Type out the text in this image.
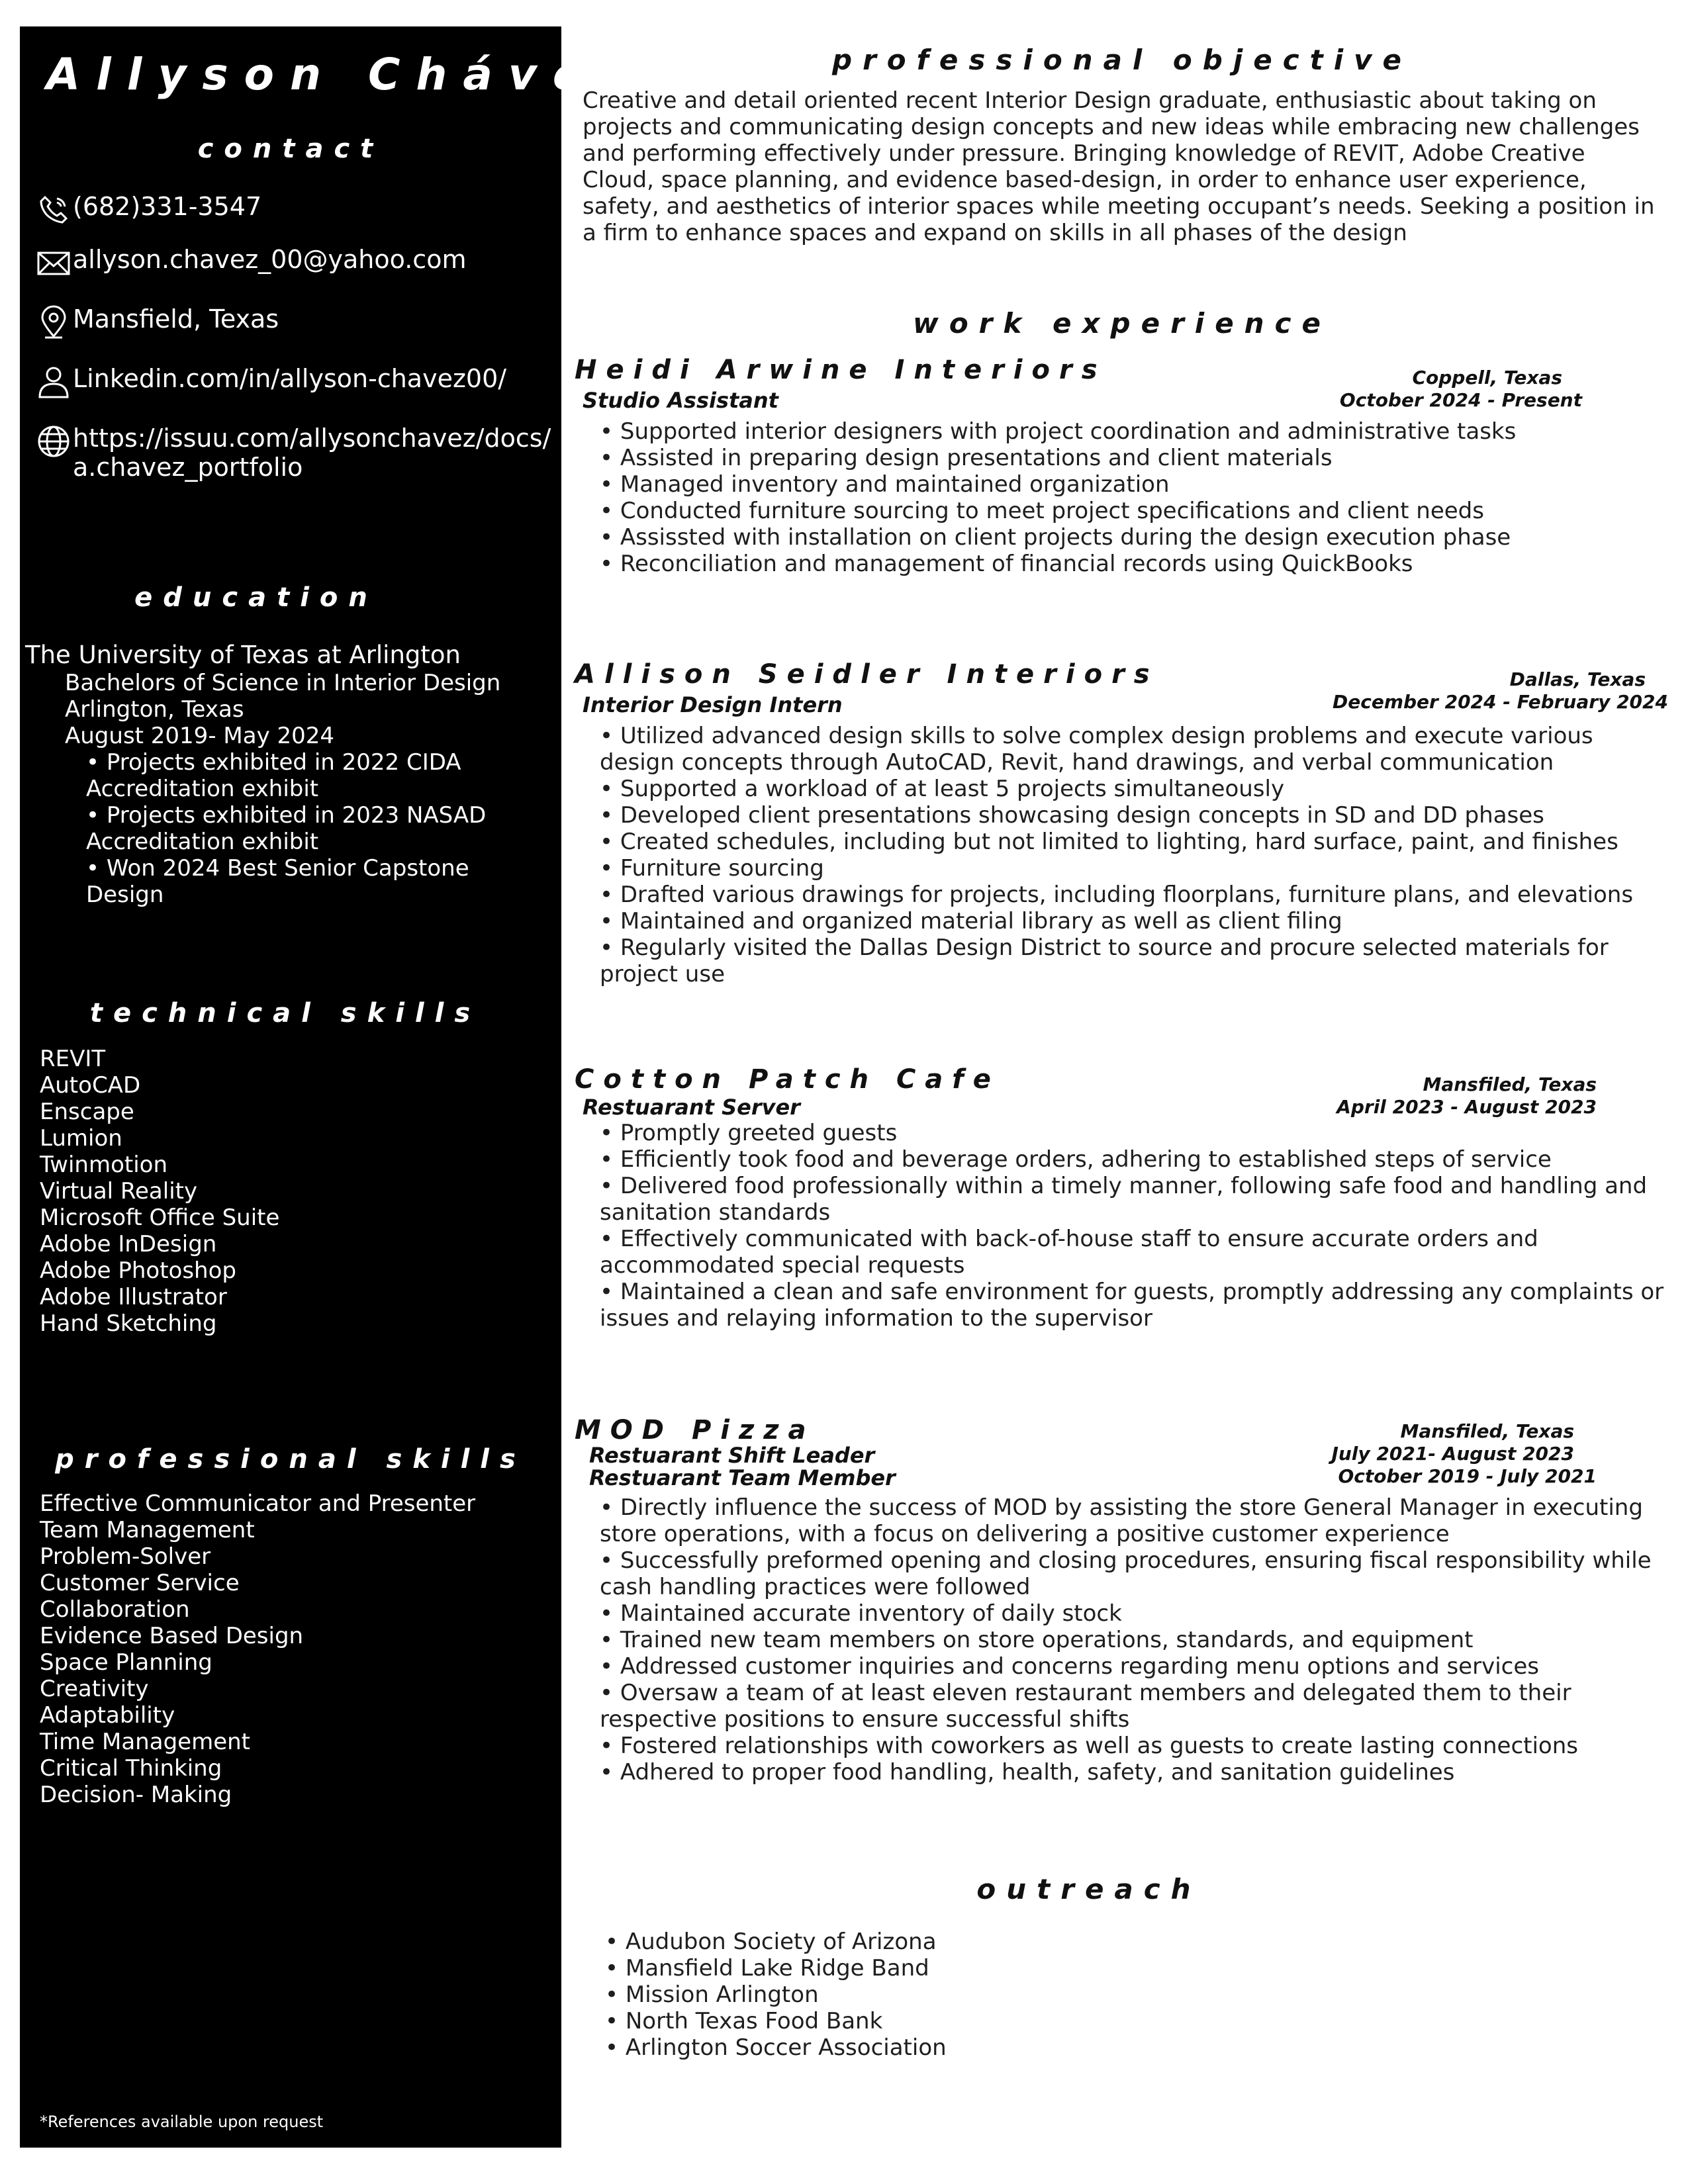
Allyson Chávez
contact
(682)331-3547
allyson.chavez_00@yahoo.com
Mansfield, Texas
Linkedin.com/in/allyson-chavez00/
https://issuu.com/allysonchavez/docs/
a.chavez_portfolio
education
The University of Texas at Arlington
Bachelors of Science in Interior Design
Arlington, Texas
August 2019- May 2024
• Projects exhibited in 2022 CIDA Accreditation exhibit
• Projects exhibited in 2023 NASAD Accreditation exhibit
• Won 2024 Best Senior Capstone Design
technical skills
REVIT
AutoCAD
Enscape
Lumion
Twinmotion
Virtual Reality
Microsoft Office Suite
Adobe InDesign
Adobe Photoshop
Adobe Illustrator
Hand Sketching
professional skills
Effective Communicator and Presenter
Team Management
Problem-Solver
Customer Service
Collaboration
Evidence Based Design
Space Planning
Creativity
Adaptability
Time Management
Critical Thinking
Decision- Making
*References available upon request
professional objective
Creative and detail oriented recent Interior Design graduate, enthusiastic about taking on projects and communicating design concepts and new ideas while embracing new challenges and performing effectively under pressure. Bringing knowledge of REVIT, Adobe Creative Cloud, space planning, and evidence based-design, in order to enhance user experience, safety, and aesthetics of interior spaces while meeting occupant’s needs. Seeking a position in a firm to enhance spaces and expand on skills in all phases of the design
work experience
Heidi Arwine Interiors
Studio Assistant
Coppell, Texas
October 2024 - Present
• Supported interior designers with project coordination and administrative tasks
• Assisted in preparing design presentations and client materials
• Managed inventory and maintained organization
• Conducted furniture sourcing to meet project specifications and client needs
• Assissted with installation on client projects during the design execution phase
• Reconciliation and management of financial records using QuickBooks
Allison Seidler Interiors
Interior Design Intern
Dallas, Texas
December 2024 - February 2024
• Utilized advanced design skills to solve complex design problems and execute various design concepts through AutoCAD, Revit, hand drawings, and verbal communication
• Supported a workload of at least 5 projects simultaneously
• Developed client presentations showcasing design concepts in SD and DD phases
• Created schedules, including but not limited to lighting, hard surface, paint, and finishes
• Furniture sourcing
• Drafted various drawings for projects, including floorplans, furniture plans, and elevations
• Maintained and organized material library as well as client filing
• Regularly visited the Dallas Design District to source and procure selected materials for project use
Cotton Patch Cafe
Restuarant Server
Mansfiled, Texas
April 2023 - August 2023
• Promptly greeted guests
• Efficiently took food and beverage orders, adhering to established steps of service
• Delivered food professionally within a timely manner, following safe food and handling and sanitation standards
• Effectively communicated with back-of-house staff to ensure accurate orders and accommodated special requests
• Maintained a clean and safe environment for guests, promptly addressing any complaints or issues and relaying information to the supervisor
MOD Pizza
Restuarant Shift Leader
Restuarant Team Member
Mansfiled, Texas
July 2021- August 2023
October 2019 - July 2021
• Directly influence the success of MOD by assisting the store General Manager in executing store operations, with a focus on delivering a positive customer experience
• Successfully preformed opening and closing procedures, ensuring fiscal responsibility while cash handling practices were followed
• Maintained accurate inventory of daily stock
• Trained new team members on store operations, standards, and equipment
• Addressed customer inquiries and concerns regarding menu options and services
• Oversaw a team of at least eleven restaurant members and delegated them to their respective positions to ensure successful shifts
• Fostered relationships with coworkers as well as guests to create lasting connections
• Adhered to proper food handling, health, safety, and sanitation guidelines
outreach
• Audubon Society of Arizona
• Mansfield Lake Ridge Band
• Mission Arlington
• North Texas Food Bank
• Arlington Soccer Association
